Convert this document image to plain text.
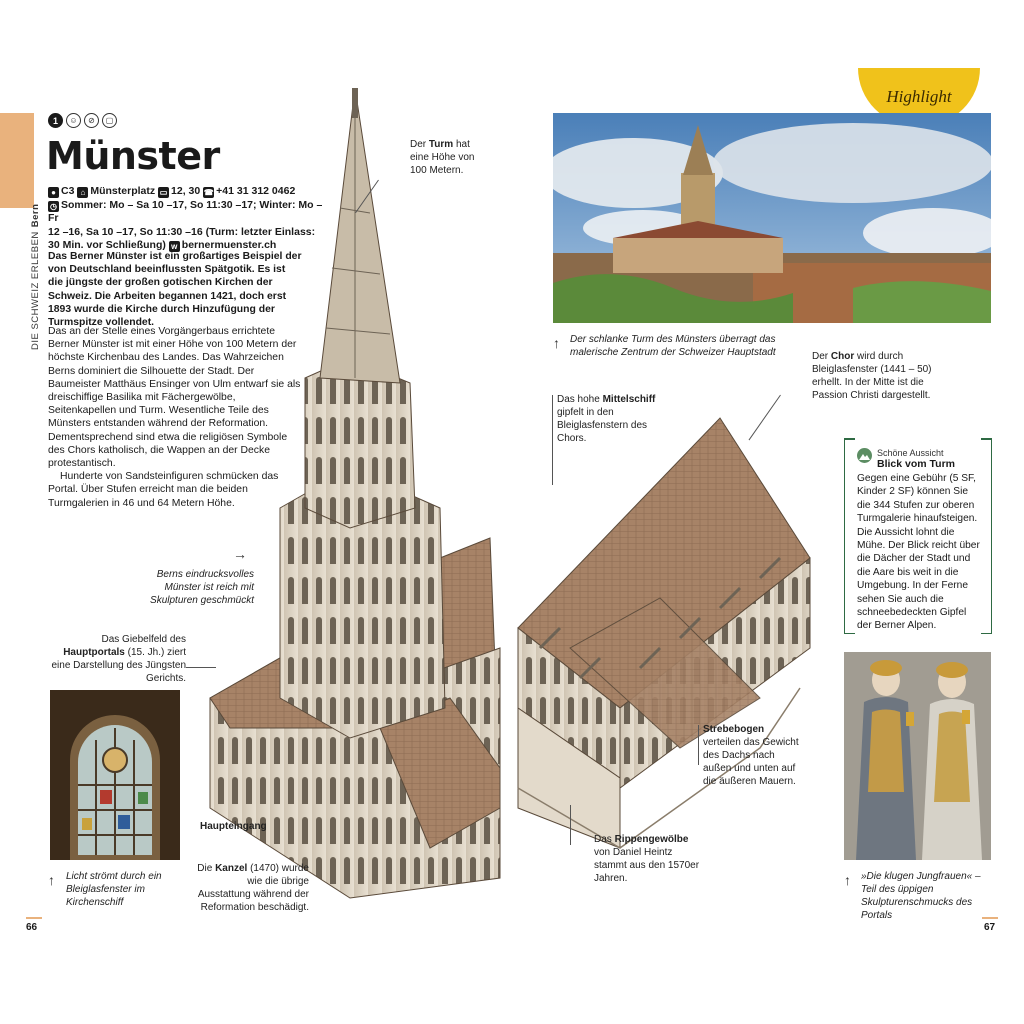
DIE SCHWEIZ ERLEBENBern
Highlight
1	☺	⊘	▢
Münster
● C3 ⌂ Münsterplatz ▭ 12, 30 ☎ +41 31 312 0462
◷ Sommer: Mo – Sa 10 –17, So 11:30 –17; Winter: Mo – Fr
12 –16, Sa 10 –17, So 11:30 –16 (Turm: letzter Einlass:
30 Min. vor Schließung) w bernermuenster.ch

Das Berner Münster ist ein großartiges Beispiel der von Deutschland beeinflussten Spätgotik. Es ist die jüngste der großen gotischen Kirchen der Schweiz. Die Arbeiten begannen 1421, doch erst 1893 wurde die Kirche durch Hinzufügung der Turmspitze vollendet.

Das an der Stelle eines Vorgängerbaus errichtete Berner Münster ist mit einer Höhe von 100 Metern der höchste Kirchenbau des Landes. Das Wahrzeichen Berns dominiert die Silhouette der Stadt. Der Baumeister Matthäus Ensinger von Ulm entwarf sie als dreischiffige Basilika mit Fächergewölbe, Seitenkapellen und Turm. Wesentliche Teile des Münsters entstanden während der Reformation. Dementsprechend sind etwa die religiösen Symbole des Chors katholisch, die Wappen an der Decke protestantisch.

Hunderte von Sandsteinfiguren schmücken das Portal. Über Stufen erreicht man die beiden Turmgalerien in 46 und 64 Metern Höhe.

Der Turm hat eine Höhe von 100 Metern.
→
Berns eindrucksvolles Münster ist reich mit Skulpturen geschmückt
Das Giebelfeld des Hauptportals (15. Jh.) ziert eine Darstellung des Jüngsten Gerichts.
Haupteingang
Die Kanzel (1470) wurde wie die übrige Ausstattung während der Reformation beschädigt.
Das hohe Mittelschiff gipfelt in den Bleiglasfenstern des Chors.
Der Chor wird durch Bleiglasfenster (1441 – 50) erhellt. In der Mitte ist die Passion Christi dargestellt.
Strebebogen verteilen das Gewicht des Dachs nach außen und unten auf die äußeren Mauern.
Das Rippengewölbe von Daniel Heintz stammt aus den 1570er Jahren.
↑ Der schlanke Turm des Münsters überragt das malerische Zentrum der Schweizer Hauptstadt
↑ Licht strömt durch ein Bleiglasfenster im Kirchenschiff
Schöne Aussicht
Blick vom Turm

Gegen eine Gebühr (5 SF, Kinder 2 SF) können Sie die 344 Stufen zur oberen Turmgalerie hinaufsteigen. Die Aussicht lohnt die Mühe. Der Blick reicht über die Dächer der Stadt und die Aare bis weit in die Umgebung. In der Ferne sehen Sie auch die schneebedeckten Gipfel der Berner Alpen.

↑ »Die klugen Jungfrauen« – Teil des üppigen Skulpturenschmucks des Portals
66	67
